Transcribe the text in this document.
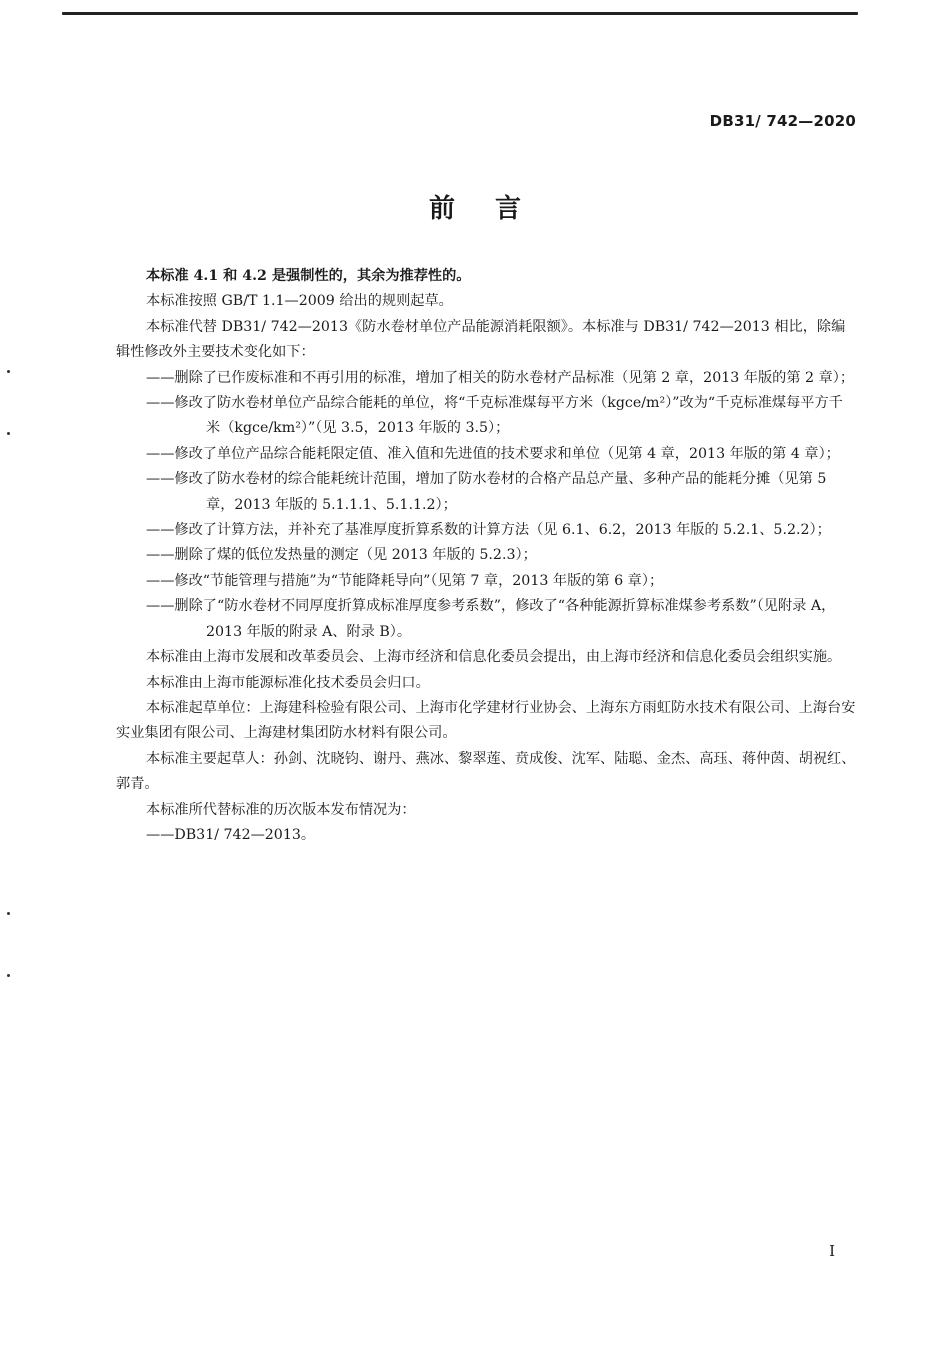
DB31/ 742—2020
前言

本标准 4.1 和 4.2 是强制性的，其余为推荐性的。

本标准按照 GB/T 1.1—2009 给出的规则起草。

本标准代替 DB31/ 742—2013《防水卷材单位产品能源消耗限额》。本标准与 DB31/ 742—2013 相比，除编辑性修改外主要技术变化如下：

——删除了已作废标准和不再引用的标准，增加了相关的防水卷材产品标准（见第 2 章，2013 年版的第 2 章）；

——修改了防水卷材单位产品综合能耗的单位，将“千克标准煤每平方米（kgce/m²）”改为“千克标准煤每平方千米（kgce/km²）”（见 3.5，2013 年版的 3.5）；

——修改了单位产品综合能耗限定值、准入值和先进值的技术要求和单位（见第 4 章，2013 年版的第 4 章）；

——修改了防水卷材的综合能耗统计范围，增加了防水卷材的合格产品总产量、多种产品的能耗分摊（见第 5 章，2013 年版的 5.1.1.1、5.1.1.2）；

——修改了计算方法，并补充了基准厚度折算系数的计算方法（见 6.1、6.2，2013 年版的 5.2.1、5.2.2）；

——删除了煤的低位发热量的测定（见 2013 年版的 5.2.3）；

——修改“节能管理与措施”为“节能降耗导向”（见第 7 章，2013 年版的第 6 章）；

——删除了“防水卷材不同厚度折算成标准厚度参考系数”，修改了“各种能源折算标准煤参考系数”（见附录 A，2013 年版的附录 A、附录 B）。

本标准由上海市发展和改革委员会、上海市经济和信息化委员会提出，由上海市经济和信息化委员会组织实施。

本标准由上海市能源标准化技术委员会归口。

本标准起草单位：上海建科检验有限公司、上海市化学建材行业协会、上海东方雨虹防水技术有限公司、上海台安实业集团有限公司、上海建材集团防水材料有限公司。

本标准主要起草人：孙剑、沈晓钧、谢丹、燕冰、黎翠莲、贲成俊、沈军、陆聪、金杰、高珏、蒋仲茵、胡祝红、郭青。

本标准所代替标准的历次版本发布情况为：

——DB31/ 742—2013。

I
